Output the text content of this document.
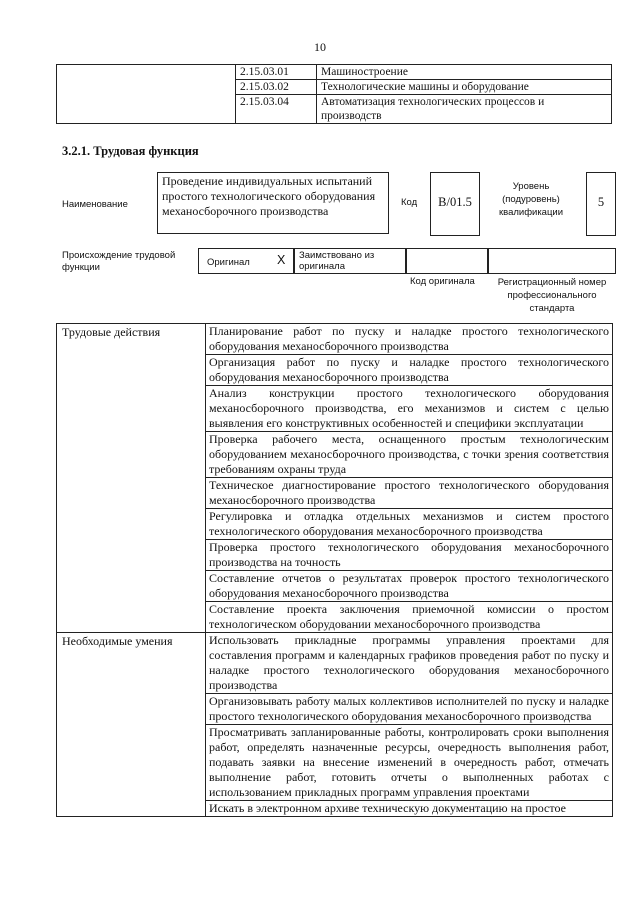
10
	2.15.03.01	Машиностроение
	2.15.03.02	Технологические машины и оборудование
	2.15.03.04	Автоматизация технологических процессов и производств
3.2.1. Трудовая функция
Наименование
Проведение индивидуальных испытаний простого технологического оборудования механосборочного производства
Код	В/01.5
Уровень (подуровень) квалификации
5
Происхождение трудовой функции	Оригинал X Заимствовано из оригинала
Код оригинала	Регистрационный номер профессионального стандарта
Трудовые действия	Планирование работ по пуску и наладке простого технологического оборудования механосборочного производства
	Организация работ по пуску и наладке простого технологического оборудования механосборочного производства
	Анализ конструкции простого технологического оборудования механосборочного производства, его механизмов и систем с целью выявления его конструктивных особенностей и специфики эксплуатации
	Проверка рабочего места, оснащенного простым технологическим оборудованием механосборочного производства, с точки зрения соответствия требованиям охраны труда
	Техническое диагностирование простого технологического оборудования механосборочного производства
	Регулировка и отладка отдельных механизмов и систем простого технологического оборудования механосборочного производства
	Проверка простого технологического оборудования механосборочного производства на точность
	Составление отчетов о результатах проверок простого технологического оборудования механосборочного производства
	Составление проекта заключения приемочной комиссии о простом технологическом оборудовании механосборочного производства
Необходимые умения	Использовать прикладные программы управления проектами для составления программ и календарных графиков проведения работ по пуску и наладке простого технологического оборудования механосборочного производства
	Организовывать работу малых коллективов исполнителей по пуску и наладке простого технологического оборудования механосборочного производства
	Просматривать запланированные работы, контролировать сроки выполнения работ, определять назначенные ресурсы, очередность выполнения работ, подавать заявки на внесение изменений в очередность работ, отмечать выполнение работ, готовить отчеты о выполненных работах с использованием прикладных программ управления проектами
	Искать в электронном архиве техническую документацию на простое
